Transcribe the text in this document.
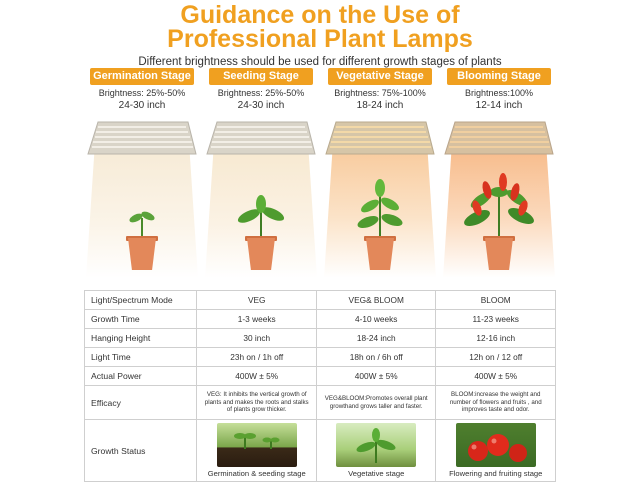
Guidance on the Use of
Professional Plant Lamps
Different brightness should be used for different growth stages of plants
Germination Stage
Brightness: 25%-50%
24-30 inch
Seeding Stage
Brightness: 25%-50%
24-30 inch
Vegetative Stage
Brightness: 75%-100%
18-24 inch
Blooming Stage
Brightness:100%
12-14 inch
Light/Spectrum Mode	VEG	VEG& BLOOM	BLOOM
Growth Time	1-3 weeks	4-10 weeks	11-23 weeks
Hanging Height	30 inch	18-24 inch	12-16 inch
Light Time	23h on / 1h off	18h on / 6h off	12h on / 12 off
Actual Power	400W ± 5%	400W ± 5%	400W ± 5%
Efficacy	VEG: It inhibits the vertical growth of plants and makes the roots and stalks of plants grow thicker.	VEG&BLOOM:Promotes overall plant growthand grows taller and faster.	BLOOM:increase the weight and number of flowers and fruits , and improves taste and odor.
Growth Status	Germination & seeding stage	Vegetative stage	Flowering and fruiting stage
